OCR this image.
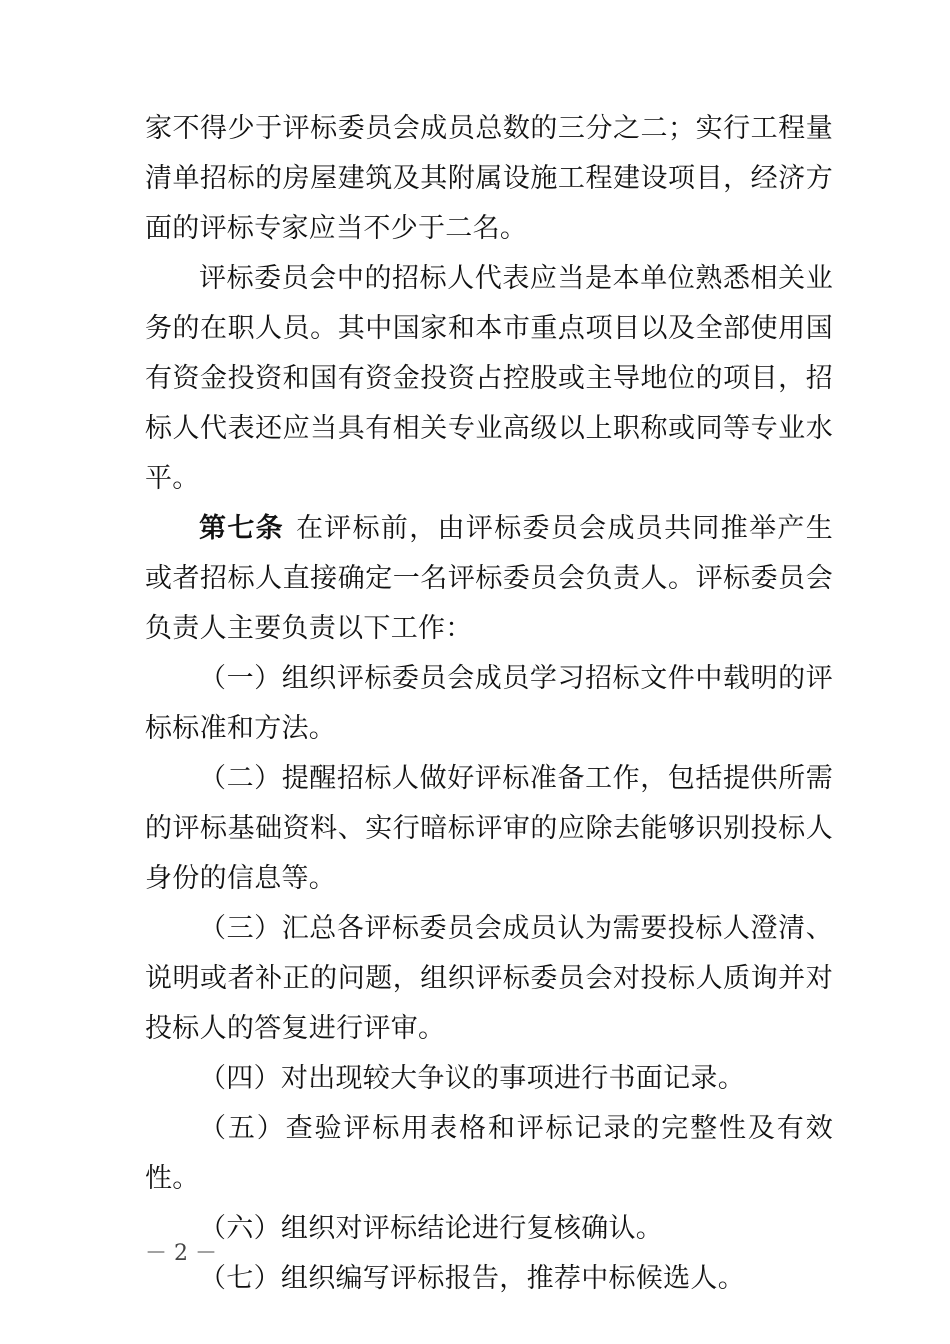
家不得少于评标委员会成员总数的三分之二；实行工程量清单招标的房屋建筑及其附属设施工程建设项目，经济方面的评标专家应当不少于二名。

评标委员会中的招标人代表应当是本单位熟悉相关业务的在职人员。其中国家和本市重点项目以及全部使用国有资金投资和国有资金投资占控股或主导地位的项目，招标人代表还应当具有相关专业高级以上职称或同等专业水平。

第七条 在评标前，由评标委员会成员共同推举产生或者招标人直接确定一名评标委员会负责人。评标委员会负责人主要负责以下工作：

（一）组织评标委员会成员学习招标文件中载明的评标标准和方法。

（二）提醒招标人做好评标准备工作，包括提供所需的评标基础资料、实行暗标评审的应除去能够识别投标人身份的信息等。

（三）汇总各评标委员会成员认为需要投标人澄清、说明或者补正的问题，组织评标委员会对投标人质询并对投标人的答复进行评审。

（四）对出现较大争议的事项进行书面记录。

（五）查验评标用表格和评标记录的完整性及有效性。

（六）组织对评标结论进行复核确认。

（七）组织编写评标报告，推荐中标候选人。

－ 2 －
